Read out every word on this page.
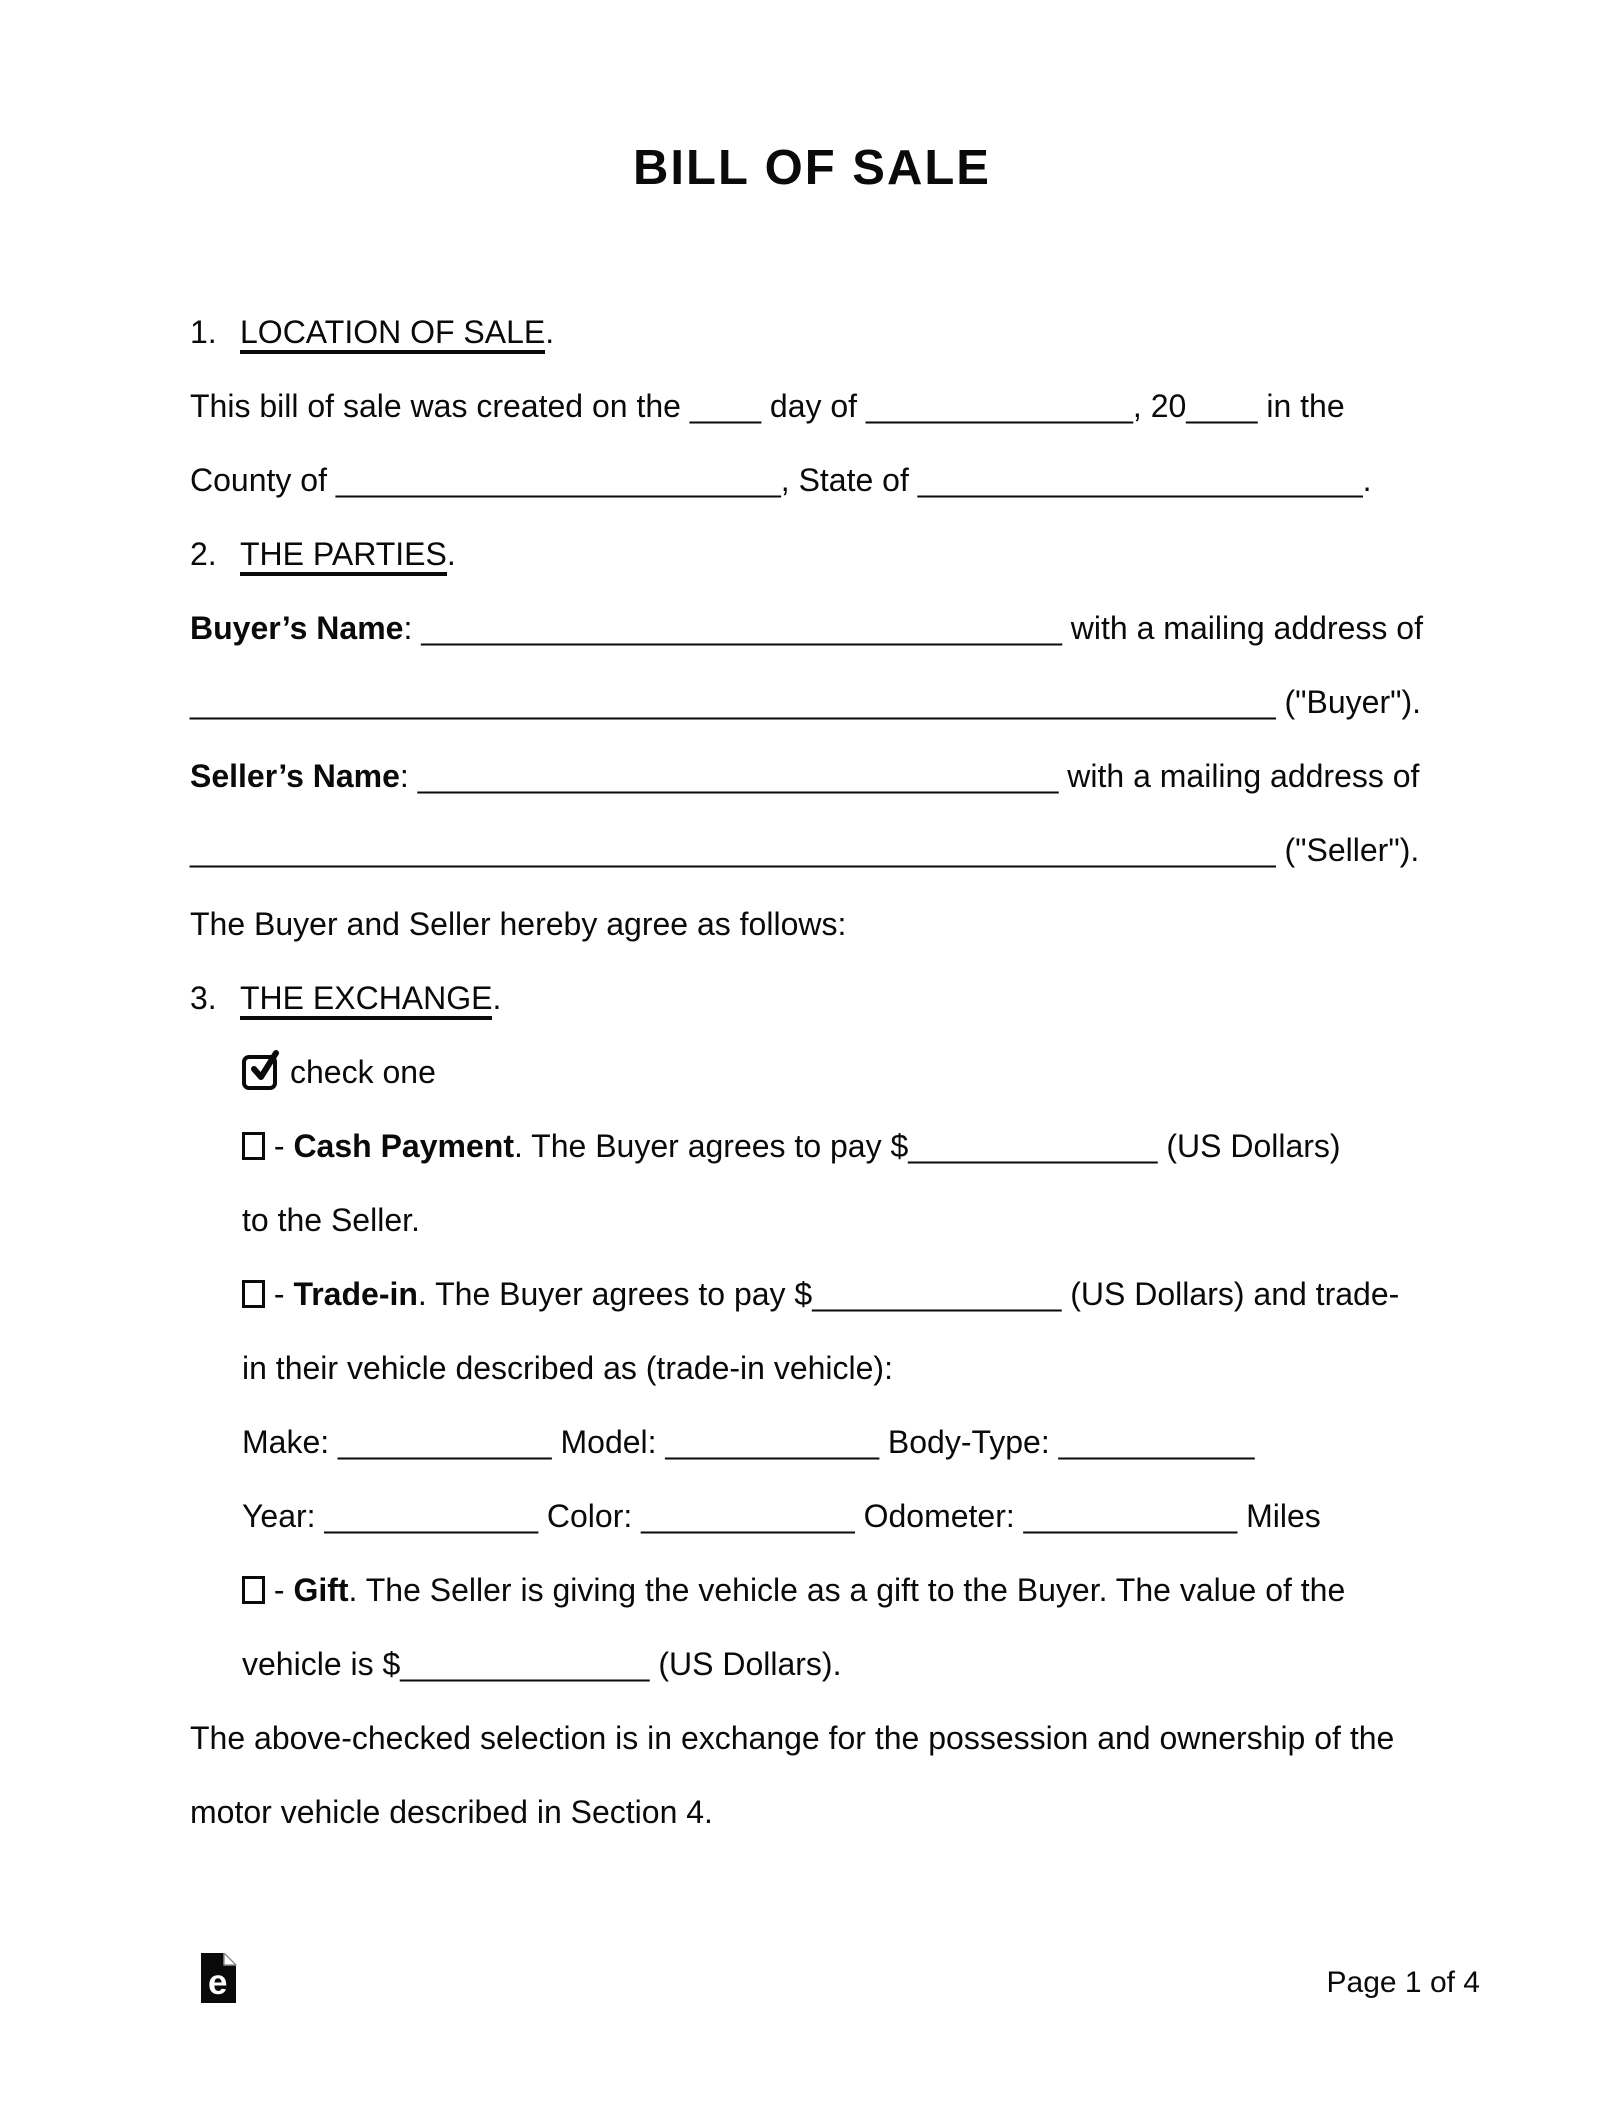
BILL OF SALE
1. LOCATION OF SALE.
This bill of sale was created on the ____ day of _______________, 20____ in the
County of _________________________, State of _________________________.
2. THE PARTIES.
Buyer’s Name: ____________________________________ with a mailing address of
_____________________________________________________________ ("Buyer").
Seller’s Name: ____________________________________ with a mailing address of
_____________________________________________________________ ("Seller").
The Buyer and Seller hereby agree as follows:
3. THE EXCHANGE.
check one
- Cash Payment. The Buyer agrees to pay $______________ (US Dollars)
to the Seller.
- Trade-in. The Buyer agrees to pay $______________ (US Dollars) and trade-
in their vehicle described as (trade-in vehicle):
Make: ____________ Model: ____________ Body-Type: ___________
Year: ____________ Color: ____________ Odometer: ____________ Miles
- Gift. The Seller is giving the vehicle as a gift to the Buyer. The value of the
vehicle is $______________ (US Dollars).
The above-checked selection is in exchange for the possession and ownership of the
motor vehicle described in Section 4.
e	Page 1 of 4
